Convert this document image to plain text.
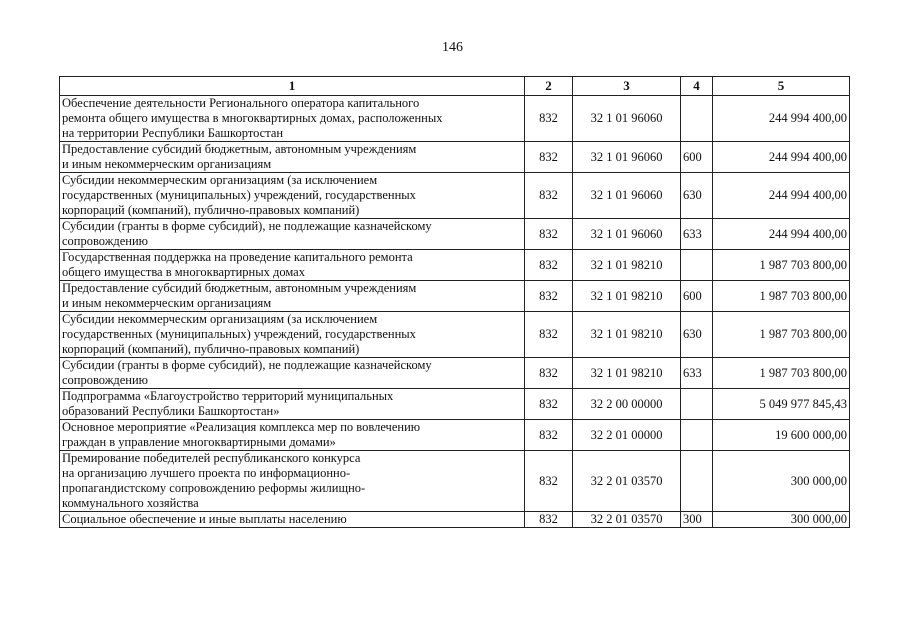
146
1	2	3	4	5

Обеспечение деятельности Регионального оператора капитального
ремонта общего имущества в многоквартирных домах, расположенных
на территории Республики Башкортостан	832	32 1 01 96060		244 994 400,00

Предоставление субсидий бюджетным, автономным учреждениям
и иным некоммерческим организациям	832	32 1 01 96060	600	244 994 400,00

Субсидии некоммерческим организациям (за исключением
государственных (муниципальных) учреждений, государственных
корпораций (компаний), публично-правовых компаний)	832	32 1 01 96060	630	244 994 400,00

Субсидии (гранты в форме субсидий), не подлежащие казначейскому
сопровождению	832	32 1 01 96060	633	244 994 400,00

Государственная поддержка на проведение капитального ремонта
общего имущества в многоквартирных домах	832	32 1 01 98210		1 987 703 800,00

Предоставление субсидий бюджетным, автономным учреждениям
и иным некоммерческим организациям	832	32 1 01 98210	600	1 987 703 800,00

Субсидии некоммерческим организациям (за исключением
государственных (муниципальных) учреждений, государственных
корпораций (компаний), публично-правовых компаний)	832	32 1 01 98210	630	1 987 703 800,00

Субсидии (гранты в форме субсидий), не подлежащие казначейскому
сопровождению	832	32 1 01 98210	633	1 987 703 800,00

Подпрограмма «Благоустройство территорий муниципальных
образований Республики Башкортостан»	832	32 2 00 00000		5 049 977 845,43

Основное мероприятие «Реализация комплекса мер по вовлечению
граждан в управление многоквартирными домами»	832	32 2 01 00000		19 600 000,00

Премирование победителей республиканского конкурса
на организацию лучшего проекта по информационно-
пропагандистскому сопровождению реформы жилищно-
коммунального хозяйства	832	32 2 01 03570		300 000,00

Социальное обеспечение и иные выплаты населению	832	32 2 01 03570	300	300 000,00
